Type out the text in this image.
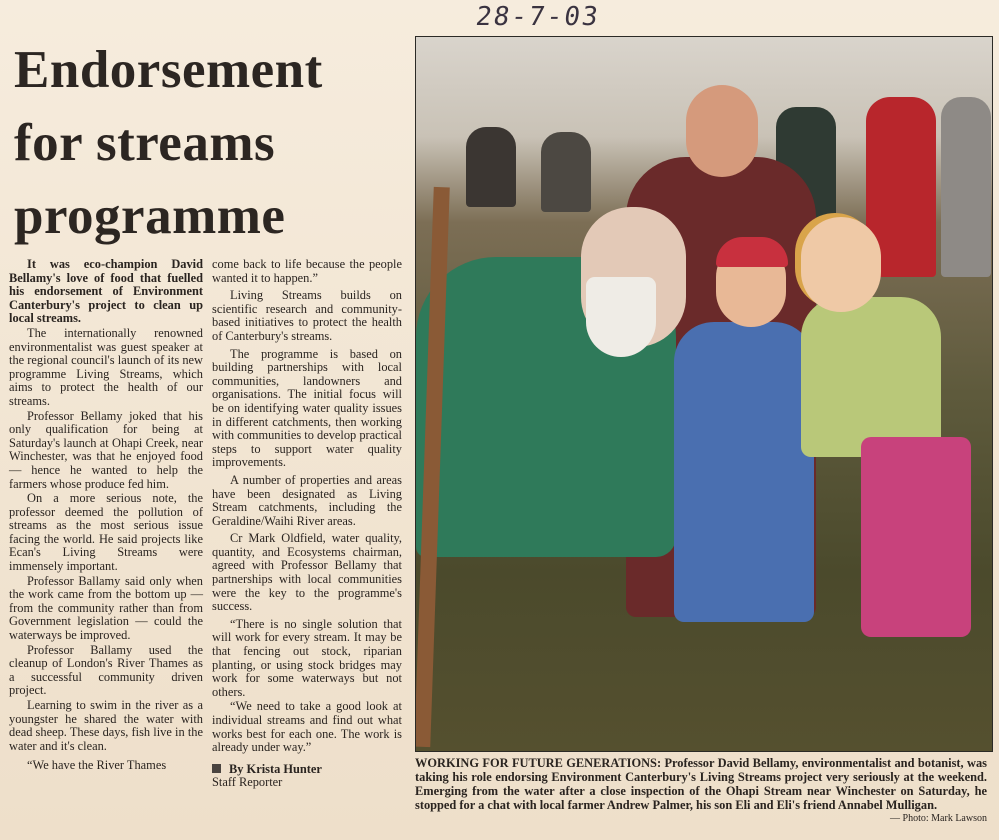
28-7-03
Endorsement for streams programme

It was eco-champion David Bellamy's love of food that fuelled his endorsement of Environment Canterbury's project to clean up local streams.

The internationally renowned environmentalist was guest speaker at the regional council's launch of its new programme Living Streams, which aims to protect the health of our streams.

Professor Bellamy joked that his only qualification for being at Saturday's launch at Ohapi Creek, near Winchester, was that he enjoyed food — hence he wanted to help the farmers whose produce fed him.

On a more serious note, the professor deemed the pollution of streams as the most serious issue facing the world. He said projects like Ecan's Living Streams were immensely important.

Professor Ballamy said only when the work came from the bottom up — from the community rather than from Government legislation — could the waterways be improved.

Professor Ballamy used the cleanup of London's River Thames as a successful community driven project.

Learning to swim in the river as a youngster he shared the water with dead sheep. These days, fish live in the water and it's clean.

“We have the River Thames

come back to life because the people wanted it to happen.”

Living Streams builds on scientific research and community-based initiatives to protect the health of Canterbury's streams.

The programme is based on building partnerships with local communities, landowners and organisations. The initial focus will be on identifying water quality issues in different catchments, then working with communities to develop practical steps to support water quality improvements.

A number of properties and areas have been designated as Living Stream catchments, including the Geraldine/Waihi River areas.

Cr Mark Oldfield, water quality, quantity, and Ecosystems chairman, agreed with Professor Bellamy that partnerships with local communities were the key to the programme's success.

“There is no single solution that will work for every stream. It may be that fencing out stock, riparian planting, or using stock bridges may work for some waterways but not others.

“We need to take a good look at individual streams and find out what works best for each one. The work is already under way.”

By Krista Hunter
Staff Reporter
— Photo: Mark Lawson
WORKING FOR FUTURE GENERATIONS: Professor David Bellamy, environmentalist and botanist, was taking his role endorsing Environment Canterbury's Living Streams project very seriously at the weekend. Emerging from the water after a close inspection of the Ohapi Stream near Winchester on Saturday, he stopped for a chat with local farmer Andrew Palmer, his son Eli and Eli's friend Annabel Mulligan.
